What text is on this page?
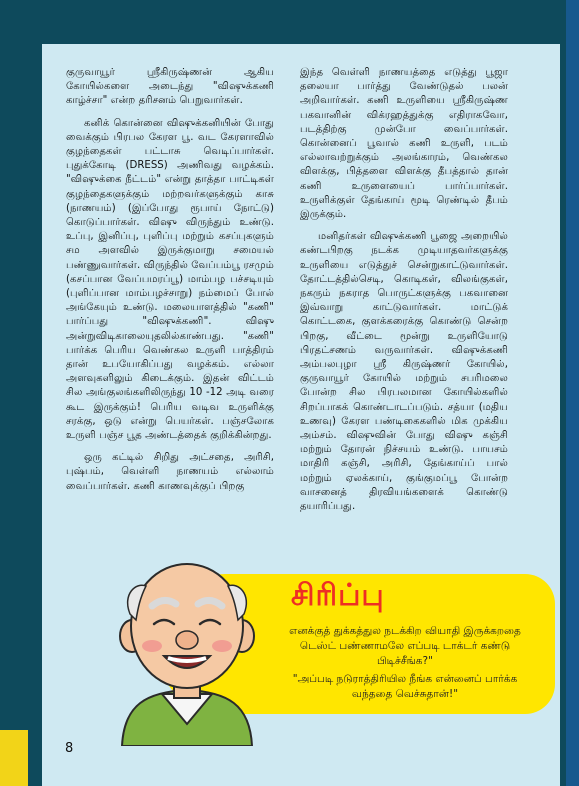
குருவாயூர் ஸ்ரீகிருஷ்ணன் ஆகிய கோயில்களை அடைந்து "விஷுக்கணி காழ்ச்சா" என்ற தரிசனம் பெறுவார்கள்.

கனிக் கொன்னை விஷுக்கனியின் போது வைக்கும் பிரபல கேரள பூ. வட கேரளாவில் குழந்தைகள் பட்டாசு வெடிப்பார்கள். புதுக்கோடி (DRESS) அணிவது வழக்கம். "விஷுக்கை நீட்டம்" என்று தாத்தா பாட்டிகள் குழந்தைகளுக்கும் மற்றவர்களுக்கும் காசு (நாணயம்) (இப்போது ரூபாய் நோட்டு) கொடுப்பார்கள். விஷு விருந்தும் உண்டு. உப்பு, இனிப்பு, புளிப்பு மற்றும் கசப்புகளும் சம அளவில் இருக்குமாறு சமையல் பண்ணுவார்கள். விருந்தில் வேப்பம்பூ ரசமும் (கசப்பான வேப்பமரப்பூ) மாம்பழ பச்சடியும் (புளிப்பான மாம்பழச்சாறு) நம்மைப் போல் அங்கேயும் உண்டு. மலையாளத்தில் "கணி" பார்ப்பது "விஷுக்கணி". விஷு அன்றுவிடிகாலையுதலில்காண்பது. "கணி" பார்க்க பெரிய வெண்கல உருளி பாத்திரம் தான் உபயோகிப்பது வழக்கம். எல்லா அளவுகளிலும் கிடைக்கும். இதன் விட்டம் சில அங்குலங்களிலிருந்து 10 -12 அடி வரை கூட இருக்கும்! பெரிய வடிவ உருளிக்கு சரக்கு, ஒடு என்று பெயர்கள். பஞ்சலோக உருளி பஞ்ச பூத அண்டத்தைக் குறிக்கின்றது.

ஒரு கட்டில் சிறிது அட்சதை, அரிசி, புஷ்பம், வெள்ளி நாணயம் எல்லாம் வைப்பார்கள். கணி காணவுக்குப் பிறகு

இந்த வெள்ளி நாணயத்தை எடுத்து பூஜா தலையா பார்த்து வேண்டுதல் பலன் அறிவார்கள். கணி உருளியை ஸ்ரீகிருஷ்ண பகவானின் விக்ரஹத்துக்கு எதிராகவோ, படத்திற்கு முன்போ வைப்பார்கள். கொன்னைப் பூவால் கணி உருளி, படம் எல்லாவற்றுக்கும் அலங்காரம், வெண்கல விளக்கு, பித்தளை விளக்கு தீபத்தால் தான் கணி உருளையைப் பார்ப்பார்கள். உருளிக்குள் தேங்காய் மூடி ரெண்டில் தீபம் இருக்கும்.

மனிதர்கள் விஷுக்கணி பூஜை அறையில் கண்டபிறகு நடக்க முடியாதவர்களுக்கு உருளியை எடுத்துச் சென்றுகாட்டுவார்கள். தோட்டத்தில்செடி, கொடிகள், விலங்குகள், நகரும் நகராத பொருட்களுக்கு பகவானை இவ்வாறு காட்டுவார்கள். மாட்டுக் கொட்டகை, குளக்கரைக்கு கொண்டு சென்ற பிறகு, வீட்டை மூன்று உருளியோடு பிரதட்சணம் வருவார்கள். விஷுக்கணி அம்பலபுழா ஸ்ரீ கிருஷ்ணர் கோயில், குருவாயூர் கோயில் மற்றும் சபரிமலை போன்ற சில பிரபலமான கோயில்களில் சிறப்பாகக் கொண்டாடப்படும். சத்யா (மதிய உணவு) கேரள பண்டிகைகளில் மிக முக்கிய அம்சம். விஷுவின் போது விஷு கஞ்சி மற்றும் தோரன் நிச்சயம் உண்டு. பாயசம் மாதிரி கஞ்சி, அரிசி, தேங்காய்ப் பால் மற்றும் ஏலக்காய், குங்குமப்பூ போன்ற வாசனைத் திரவியங்களைக் கொண்டு தயாரிப்பது.

சிரிப்பு
எனக்குத் துக்கத்துல நடக்கிற வியாதி இருக்கறதை டெஸ்ட் பண்ணாமலே எப்படி டாக்டர் கண்டு பிடிச்சீங்க?"
"அப்படி நடுராத்திரியில நீங்க என்னைப் பார்க்க வந்ததை வெச்சுதான்!"
8
